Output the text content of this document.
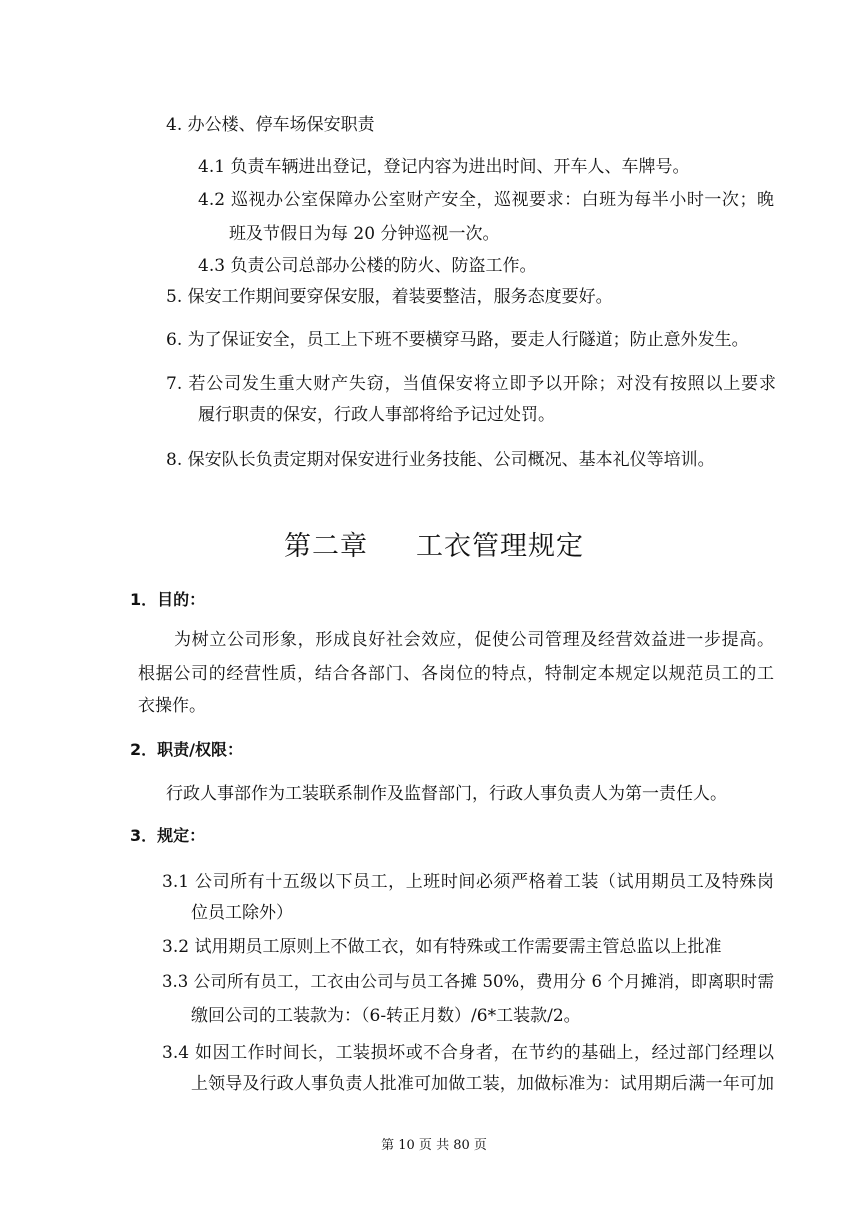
4. 办公楼、停车场保安职责
4.1 负责车辆进出登记，登记内容为进出时间、开车人、车牌号。
4.2 巡视办公室保障办公室财产安全，巡视要求：白班为每半小时一次；晚
班及节假日为每 20 分钟巡视一次。
4.3 负责公司总部办公楼的防火、防盗工作。
5. 保安工作期间要穿保安服，着装要整洁，服务态度要好。
6. 为了保证安全，员工上下班不要横穿马路，要走人行隧道；防止意外发生。
7. 若公司发生重大财产失窃，当值保安将立即予以开除；对没有按照以上要求
履行职责的保安，行政人事部将给予记过处罚。
8. 保安队长负责定期对保安进行业务技能、公司概况、基本礼仪等培训。
第二章     工衣管理规定
1．目的：
为树立公司形象，形成良好社会效应，促使公司管理及经营效益进一步提高。
根据公司的经营性质，结合各部门、各岗位的特点，特制定本规定以规范员工的工
衣操作。
2．职责/权限：
行政人事部作为工装联系制作及监督部门，行政人事负责人为第一责任人。
3．规定：
3.1 公司所有十五级以下员工，上班时间必须严格着工装（试用期员工及特殊岗
位员工除外）
3.2 试用期员工原则上不做工衣，如有特殊或工作需要需主管总监以上批准
3.3 公司所有员工，工衣由公司与员工各摊 50%，费用分 6 个月摊消，即离职时需
缴回公司的工装款为：（6-转正月数）/6*工装款/2。
3.4 如因工作时间长，工装损坏或不合身者，在节约的基础上，经过部门经理以
上领导及行政人事负责人批准可加做工装，加做标准为：试用期后满一年可加
第 10 页 共 80 页
